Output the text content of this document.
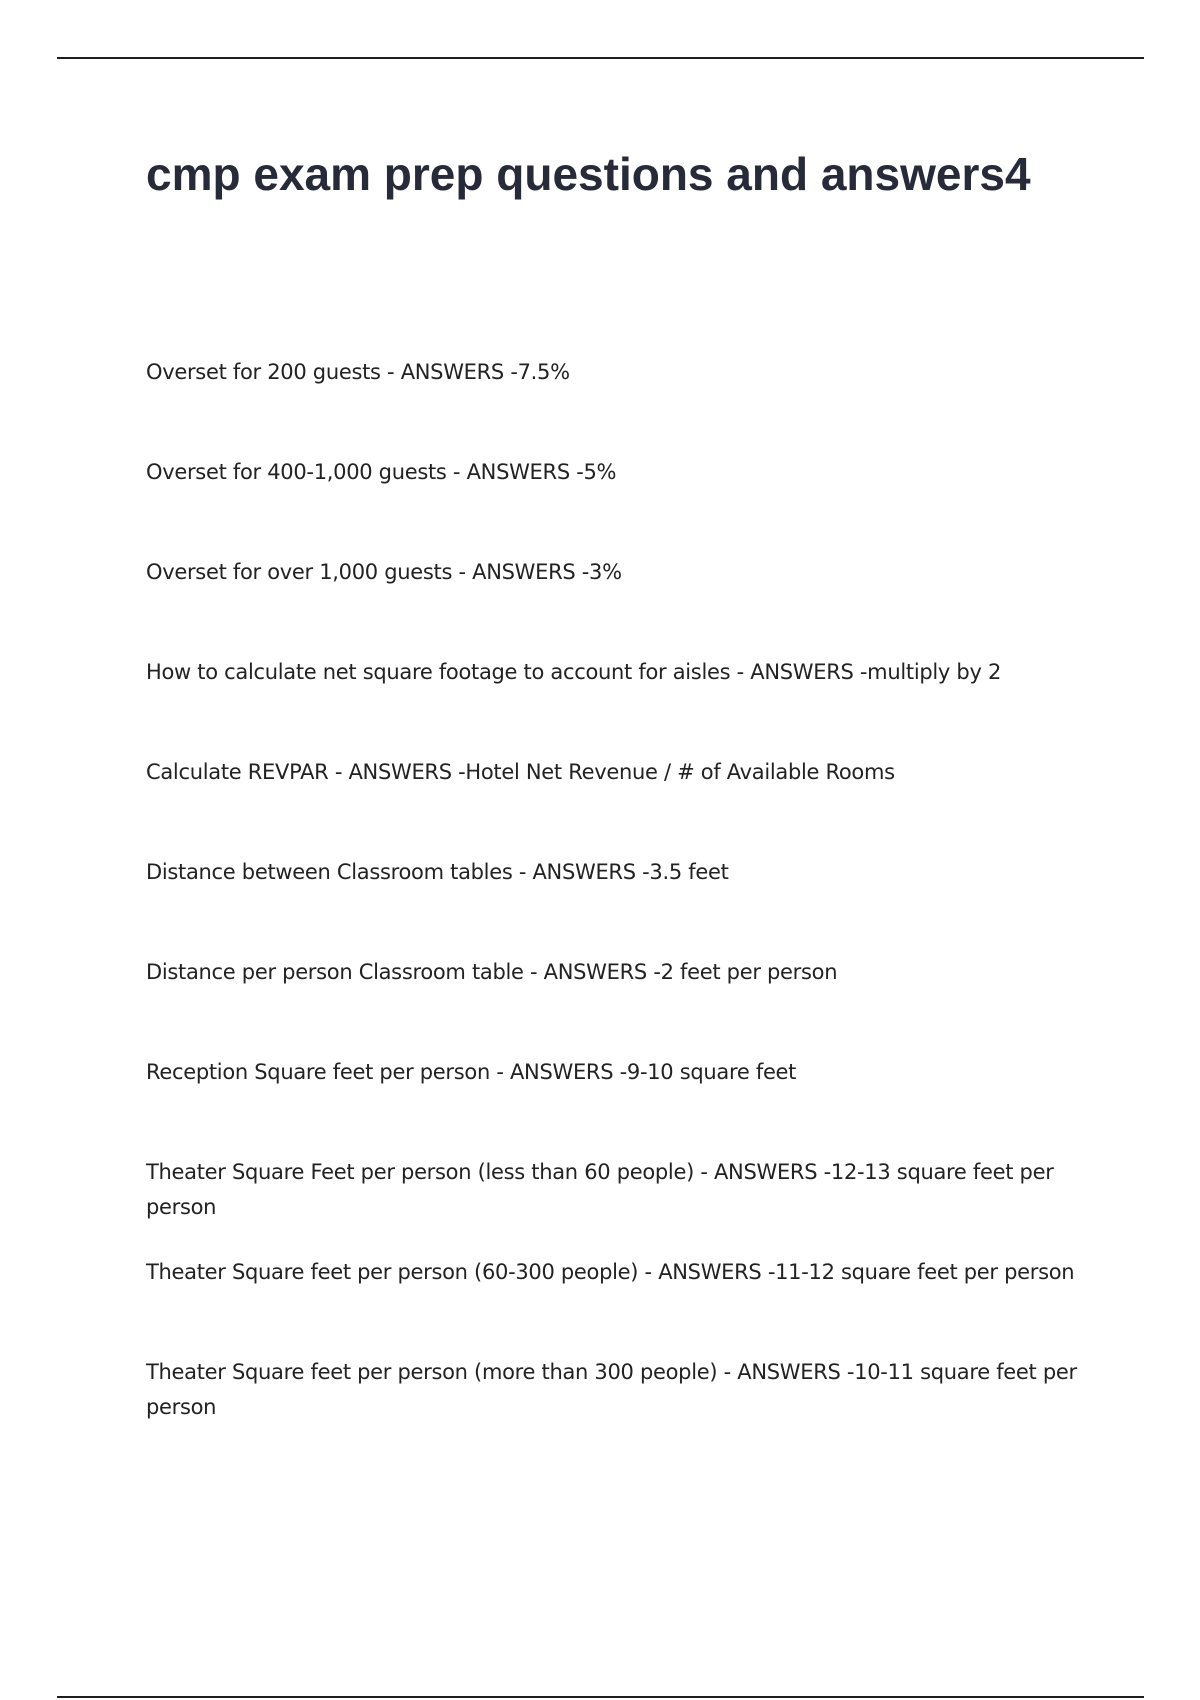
cmp exam prep questions and answers4
Overset for 200 guests - ANSWERS -7.5%
Overset for 400-1,000 guests - ANSWERS -5%
Overset for over 1,000 guests - ANSWERS -3%
How to calculate net square footage to account for aisles - ANSWERS -multiply by 2
Calculate REVPAR - ANSWERS -Hotel Net Revenue / # of Available Rooms
Distance between Classroom tables - ANSWERS -3.5 feet
Distance per person Classroom table - ANSWERS -2 feet per person
Reception Square feet per person - ANSWERS -9-10 square feet
Theater Square Feet per person (less than 60 people) - ANSWERS -12-13 square feet per person
Theater Square feet per person (60-300 people) - ANSWERS -11-12 square feet per person
Theater Square feet per person (more than 300 people) - ANSWERS -10-11 square feet per person
